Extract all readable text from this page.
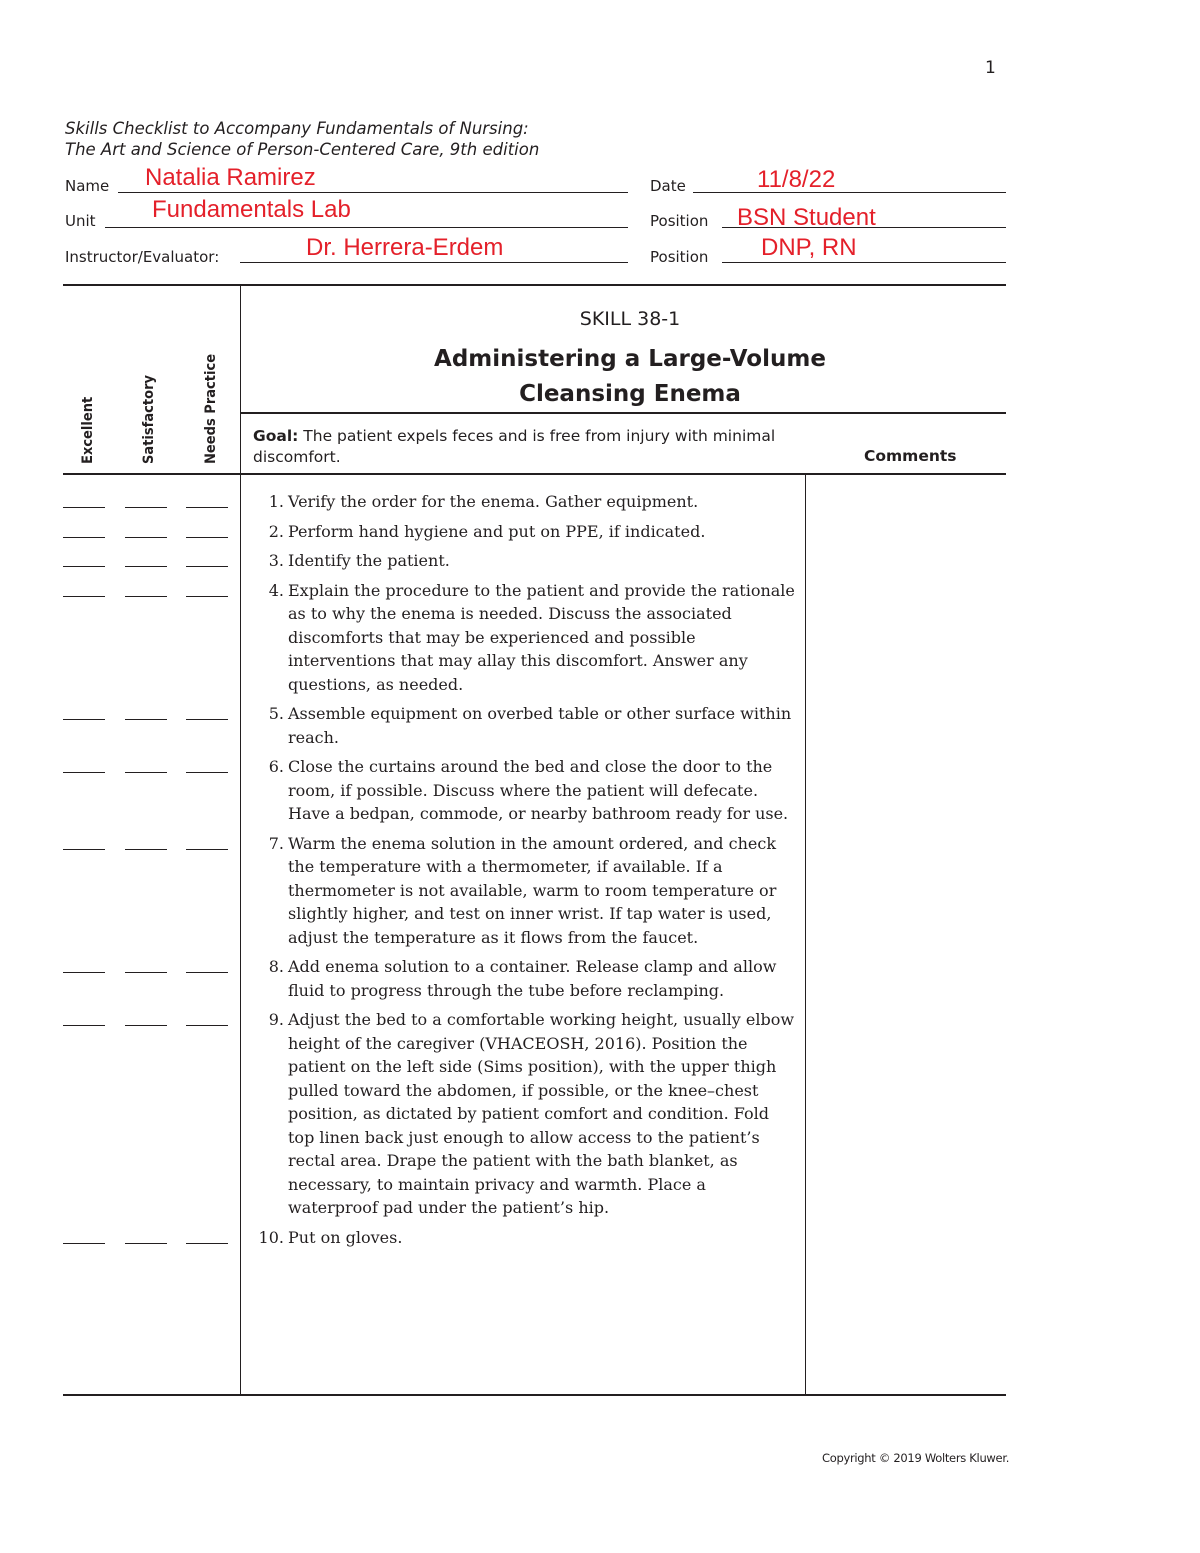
1
Skills Checklist to Accompany Fundamentals of Nursing:
The Art and Science of Person-Centered Care, 9th edition
Name Natalia Ramirez	Date	11/8/22
Unit Fundamentals Lab	Position BSN Student
Instructor/Evaluator:	Dr. Herrera-Erdem	Position DNP, RN
Excellent	Satisfactory	Needs Practice
SKILL 38-1
Administering a Large-Volume
Cleansing Enema
Goal: The patient expels feces and is free from injury with minimal discomfort.	Comments
1. Verify the order for the enema. Gather equipment.
2. Perform hand hygiene and put on PPE, if indicated.
3. Identify the patient.
4. Explain the procedure to the patient and provide the rationale as to why the enema is needed. Discuss the associated discomforts that may be experienced and possible interventions that may allay this discomfort. Answer any questions, as needed.
5. Assemble equipment on overbed table or other surface within reach.
6. Close the curtains around the bed and close the door to the room, if possible. Discuss where the patient will defecate. Have a bedpan, commode, or nearby bathroom ready for use.
7. Warm the enema solution in the amount ordered, and check the temperature with a thermometer, if available. If a thermometer is not available, warm to room temperature or slightly higher, and test on inner wrist. If tap water is used, adjust the temperature as it flows from the faucet.
8. Add enema solution to a container. Release clamp and allow fluid to progress through the tube before reclamping.
9. Adjust the bed to a comfortable working height, usually elbow height of the caregiver (VHACEOSH, 2016). Position the patient on the left side (Sims position), with the upper thigh pulled toward the abdomen, if possible, or the knee–chest position, as dictated by patient comfort and condition. Fold top linen back just enough to allow access to the patient’s rectal area. Drape the patient with the bath blanket, as necessary, to maintain privacy and warmth. Place a waterproof pad under the patient’s hip.
10. Put on gloves.
Copyright © 2019 Wolters Kluwer.
